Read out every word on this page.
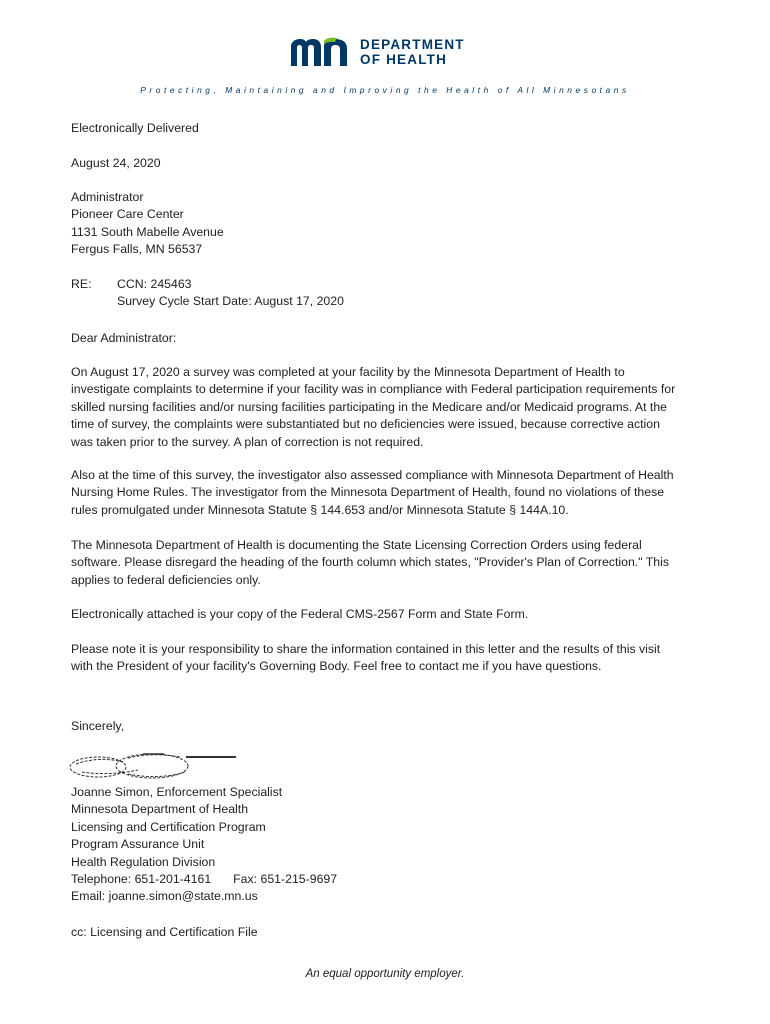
DEPARTMENT
OF HEALTH
Protecting, Maintaining and Improving the Health of All Minnesotans
Electronically Delivered
August 24, 2020
Administrator
Pioneer Care Center
1131 South Mabelle Avenue
Fergus Falls, MN 56537
RE: CCN: 245463
Survey Cycle Start Date: August 17, 2020
Dear Administrator:
On August 17, 2020 a survey was completed at your facility by the Minnesota Department of Health to
investigate complaints to determine if your facility was in compliance with Federal participation requirements for
skilled nursing facilities and/or nursing facilities participating in the Medicare and/or Medicaid programs. At the
time of survey, the complaints were substantiated but no deficiencies were issued, because corrective action
was taken prior to the survey. A plan of correction is not required.
Also at the time of this survey, the investigator also assessed compliance with Minnesota Department of Health
Nursing Home Rules. The investigator from the Minnesota Department of Health, found no violations of these
rules promulgated under Minnesota Statute § 144.653 and/or Minnesota Statute § 144A.10.
The Minnesota Department of Health is documenting the State Licensing Correction Orders using federal
software. Please disregard the heading of the fourth column which states, "Provider's Plan of Correction." This
applies to federal deficiencies only.
Electronically attached is your copy of the Federal CMS-2567 Form and State Form.
Please note it is your responsibility to share the information contained in this letter and the results of this visit
with the President of your facility's Governing Body. Feel free to contact me if you have questions.
Sincerely,
Joanne Simon, Enforcement Specialist
Minnesota Department of Health
Licensing and Certification Program
Program Assurance Unit
Health Regulation Division
Telephone: 651-201-4161 Fax: 651-215-9697
Email: joanne.simon@state.mn.us
cc: Licensing and Certification File
An equal opportunity employer.
